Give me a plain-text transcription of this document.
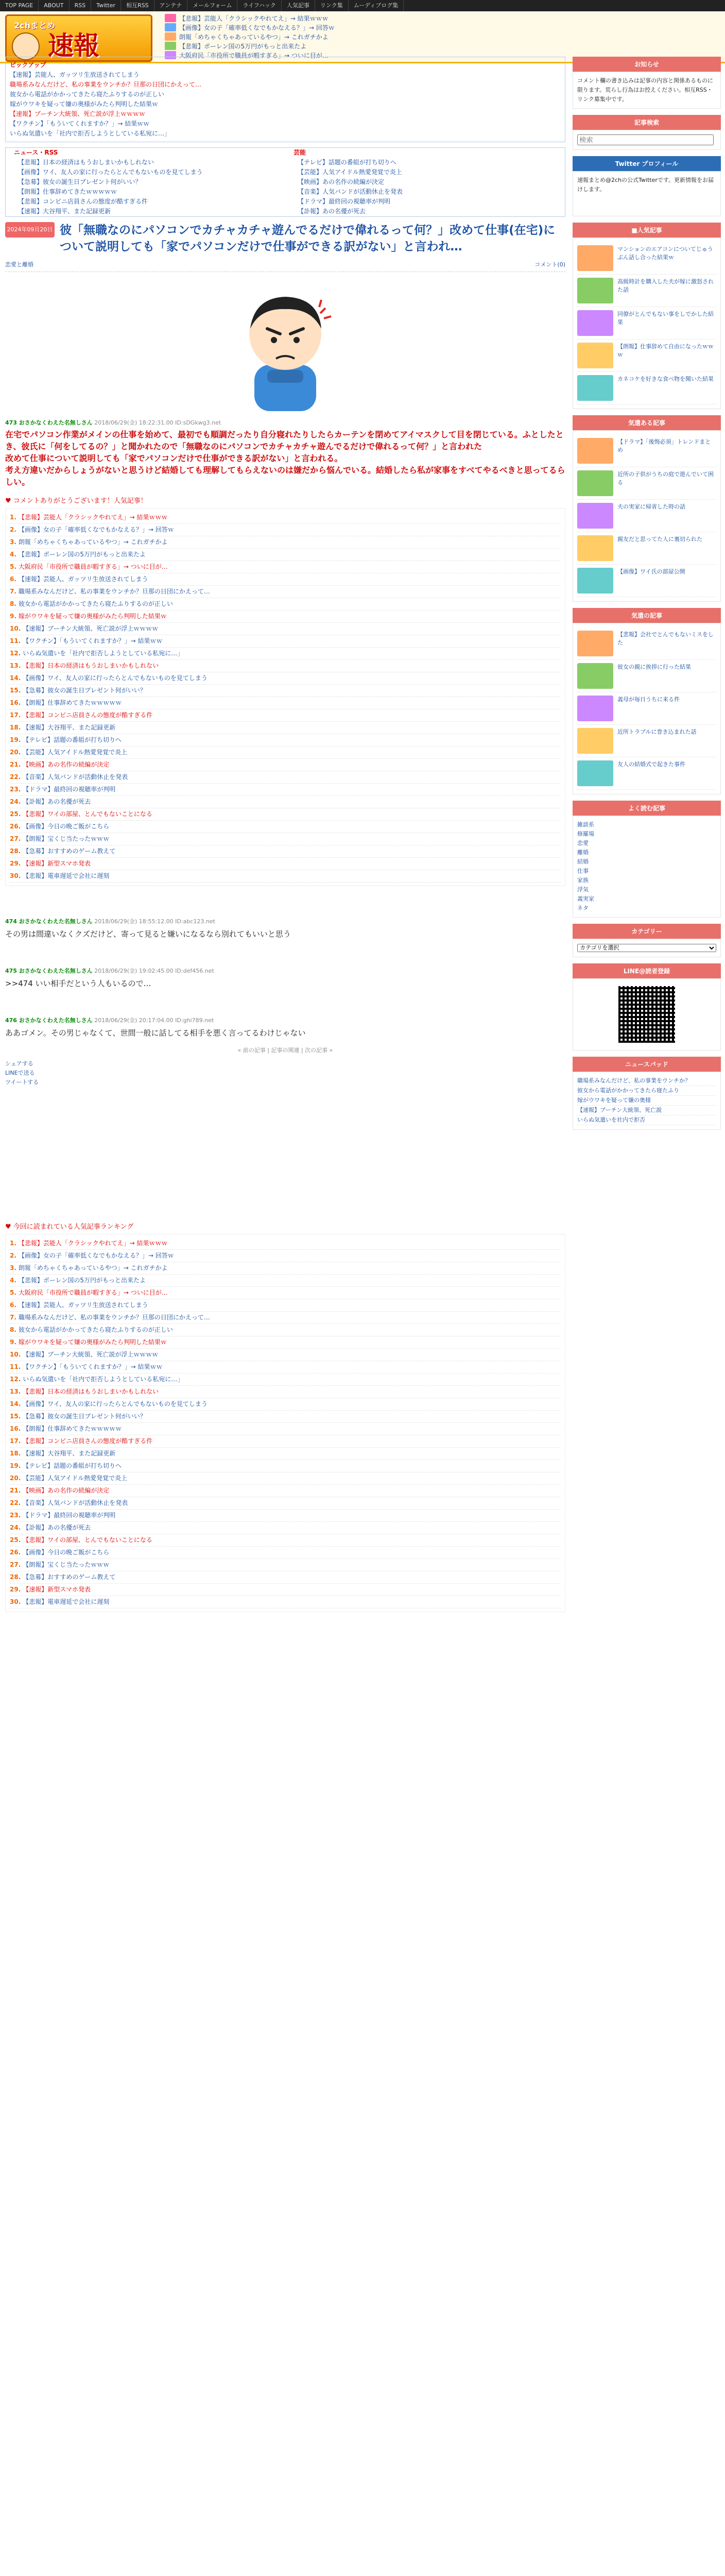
TOP PAGE	ABOUT	RSS	Twitter	相互RSS	アンテナ	メールフォーム	ライフハック	人気記事	リンク集	ムーディブログ集
2chまとめ
速報
【悲報】芸能人「クラシックやれてえ」→ 結果ｗｗｗ
【画像】女の子「確率低くなでもかなえる？」→ 回答ｗ
朗報「めちゃくちゃあっているやつ」→ これガチかよ
【悲報】ポーレン国の5万円がもっと出来たよ
大阪府民「市役所で職員が暇すぎる」→ ついに目が…
ピックアップ
【速報】芸能人、ガッツリ生放送されてしまう
職場系みなんだけど、私の事業をウンチか？旦那の日団にかえって…
彼女から電話がかかってきたら寝たふりするのが正しい
嫁がウワキを疑って嫌の奥様がみたら判明した結果ｗ
【速報】ブーチン大統領、死亡説が浮上ｗｗｗｗ
【ワクチン】「もういてくれますか？」→ 結果ｗｗ
いらぬ気遣いを「社内で拒否しようとしている私宛に…」
ニュース・RSS
【悲報】日本の経済はもうおしまいかもしれない
【画像】ワイ、友人の家に行ったらとんでもないものを見てしまう
【急募】彼女の誕生日プレゼント何がいい？
【朗報】仕事辞めてきたｗｗｗｗｗ
【悲報】コンビニ店員さんの態度が酷すぎる件
【速報】大谷翔平、また記録更新
芸能
【テレビ】話題の番組が打ち切りへ
【芸能】人気アイドル熱愛発覚で炎上
【映画】あの名作の続編が決定
【音楽】人気バンドが活動休止を発表
【ドラマ】最終回の視聴率が判明
【訃報】あの名優が死去
2024年09月20日 彼「無職なのにパソコンでカチャカチャ遊んでるだけで偉れるって何？」改めて仕事(在宅)について説明しても「家でパソコンだけで仕事ができる訳がない」と言われ…
恋愛と離婚	コメント(0)
473 おさかなくわえた名無しさん 2018/06/29(金) 18:22:31.00 ID:sDGkwg3.net
在宅でパソコン作業がメインの仕事を始めて、最初でも順調だったり自分寝れたりしたらカーテンを閉めてアイマスクして目を閉じている。ふとしたとき、彼氏に「何をしてるの？」と聞かれたので「無職なのにパソコンでカチャカチャ遊んでるだけで偉れるって何？」と言われた
改めて仕事について説明しても「家でパソコンだけで仕事ができる訳がない」と言われる。
考え方違いだからしょうがないと思うけど結婚しても理解してもらえないのは嫌だから悩んでいる。結婚したら私が家事をすべてやるべきと思ってるらしい。
♥ コメントありがとうございます！人気記事！
1. 【悲報】芸能人「クラシックやれてえ」→ 結果ｗｗｗ
2. 【画像】女の子「確率低くなでもかなえる？」→ 回答ｗ
3. 朗報「めちゃくちゃあっているやつ」→ これガチかよ
4. 【悲報】ポーレン国の5万円がもっと出来たよ
5. 大阪府民「市役所で職員が暇すぎる」→ ついに目が…
6. 【速報】芸能人、ガッツリ生放送されてしまう
7. 職場系みなんだけど、私の事業をウンチか？旦那の日団にかえって…
8. 彼女から電話がかかってきたら寝たふりするのが正しい
9. 嫁がウワキを疑って嫌の奥様がみたら判明した結果ｗ
10. 【速報】ブーチン大統領、死亡説が浮上ｗｗｗｗ
11. 【ワクチン】「もういてくれますか？」→ 結果ｗｗ
12. いらぬ気遣いを「社内で拒否しようとしている私宛に…」
13. 【悲報】日本の経済はもうおしまいかもしれない
14. 【画像】ワイ、友人の家に行ったらとんでもないものを見てしまう
15. 【急募】彼女の誕生日プレゼント何がいい？
16. 【朗報】仕事辞めてきたｗｗｗｗｗ
17. 【悲報】コンビニ店員さんの態度が酷すぎる件
18. 【速報】大谷翔平、また記録更新
19. 【テレビ】話題の番組が打ち切りへ
20. 【芸能】人気アイドル熱愛発覚で炎上
21. 【映画】あの名作の続編が決定
22. 【音楽】人気バンドが活動休止を発表
23. 【ドラマ】最終回の視聴率が判明
24. 【訃報】あの名優が死去
25. 【悲報】ワイの部屋、とんでもないことになる
26. 【画像】今日の晩ご飯がこちら
27. 【朗報】宝くじ当たったｗｗｗ
28. 【急募】おすすめのゲーム教えて
29. 【速報】新型スマホ発表
30. 【悲報】電車遅延で会社に遅刻
474 おさかなくわえた名無しさん 2018/06/29(金) 18:55:12.00 ID:abc123.net
その男は間違いなくクズだけど、寄って見ると嫌いになるなら別れてもいいと思う
475 おさかなくわえた名無しさん 2018/06/29(金) 19:02:45.00 ID:def456.net
>>474 いい相手だという人もいるので…
476 おさかなくわえた名無しさん 2018/06/29(金) 20:17:04.00 ID:ghi789.net
ああゴメン。その男じゃなくて、世間一般に話してる相手を悪く言ってるわけじゃない
« 前の記事 | 記事の関連 | 次の記事 »
シェアする
LINEで送る
ツイートする
♥ 今回に読まれている人気記事ランキング
1. 【悲報】芸能人「クラシックやれてえ」→ 結果ｗｗｗ
2. 【画像】女の子「確率低くなでもかなえる？」→ 回答ｗ
3. 朗報「めちゃくちゃあっているやつ」→ これガチかよ
4. 【悲報】ポーレン国の5万円がもっと出来たよ
5. 大阪府民「市役所で職員が暇すぎる」→ ついに目が…
6. 【速報】芸能人、ガッツリ生放送されてしまう
7. 職場系みなんだけど、私の事業をウンチか？旦那の日団にかえって…
8. 彼女から電話がかかってきたら寝たふりするのが正しい
9. 嫁がウワキを疑って嫌の奥様がみたら判明した結果ｗ
10. 【速報】ブーチン大統領、死亡説が浮上ｗｗｗｗ
11. 【ワクチン】「もういてくれますか？」→ 結果ｗｗ
12. いらぬ気遣いを「社内で拒否しようとしている私宛に…」
13. 【悲報】日本の経済はもうおしまいかもしれない
14. 【画像】ワイ、友人の家に行ったらとんでもないものを見てしまう
15. 【急募】彼女の誕生日プレゼント何がいい？
16. 【朗報】仕事辞めてきたｗｗｗｗｗ
17. 【悲報】コンビニ店員さんの態度が酷すぎる件
18. 【速報】大谷翔平、また記録更新
19. 【テレビ】話題の番組が打ち切りへ
20. 【芸能】人気アイドル熱愛発覚で炎上
21. 【映画】あの名作の続編が決定
22. 【音楽】人気バンドが活動休止を発表
23. 【ドラマ】最終回の視聴率が判明
24. 【訃報】あの名優が死去
25. 【悲報】ワイの部屋、とんでもないことになる
26. 【画像】今日の晩ご飯がこちら
27. 【朗報】宝くじ当たったｗｗｗ
28. 【急募】おすすめのゲーム教えて
29. 【速報】新型スマホ発表
30. 【悲報】電車遅延で会社に遅刻
お知らせ
コメント欄の書き込みは記事の内容と関係あるものに限ります。荒らし行為はお控えください。相互RSS・リンク募集中です。
記事検索
検索
Twitter プロフィール
速報まとめ@2chの公式Twitterです。更新情報をお届けします。
■人気記事
マンションのエアコンについてじゅうぶん話し合った結果ｗ
高級時計を購入した夫が嫁に激怒された話
同僚がとんでもない事をしでかした結果
【朗報】仕事辞めて自由になったｗｗｗ
カネコケを好きな食べ物を聞いた結果
気遣ある記事
【ドラマ】「後悔必須」トレンドまとめ
近所の子供がうちの庭で遊んでいて困る
夫の実家に帰省した時の話
親友だと思ってた人に裏切られた
【画像】ワイ氏の部屋公開
気遣の記事
【悲報】会社でとんでもないミスをした
彼女の親に挨拶に行った結果
義母が毎日うちに来る件
近所トラブルに巻き込まれた話
友人の結婚式で起きた事件
よく読む記事
雑談系
修羅場
恋愛
離婚
結婚
仕事
家族
浮気
義実家
ネタ
カテゴリー
カテゴリを選択
LINE@読者登録
ニュースパッド
職場系みなんだけど、私の事業をウンチか？
彼女から電話がかかってきたら寝たふり
嫁がウワキを疑って嫌の奥様
【速報】ブーチン大統領、死亡説
いらぬ気遣いを社内で拒否
